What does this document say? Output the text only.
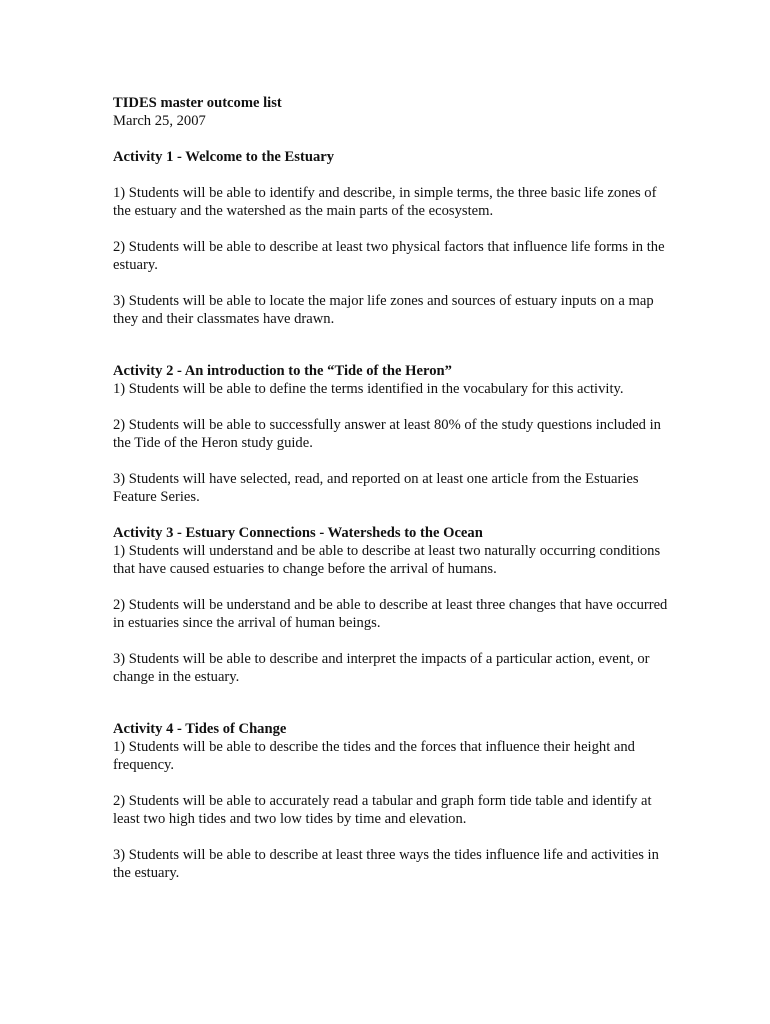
TIDES master outcome list

March 25, 2007

Activity 1 - Welcome to the Estuary

1) Students will be able to identify and describe, in simple terms, the three basic life zones of the estuary and the watershed as the main parts of the ecosystem.

2) Students will be able to describe at least two physical factors that influence life forms in the estuary.

3) Students will be able to locate the major life zones and sources of estuary inputs on a map they and their classmates have drawn.

Activity 2 - An introduction to the “Tide of the Heron”

1) Students will be able to define the terms identified in the vocabulary for this activity.

2) Students will be able to successfully answer at least 80% of the study questions included in the Tide of the Heron study guide.

3) Students will have selected, read, and reported on at least one article from the Estuaries Feature Series.

Activity 3 - Estuary Connections - Watersheds to the Ocean

1) Students will understand and be able to describe at least two naturally occurring conditions that have caused estuaries to change before the arrival of humans.

2) Students will be understand and be able to describe at least three changes that have occurred in estuaries since the arrival of human beings.

3) Students will be able to describe and interpret the impacts of a particular action, event, or change in the estuary.

Activity 4 - Tides of Change

1) Students will be able to describe the tides and the forces that influence their height and frequency.

2) Students will be able to accurately read a tabular and graph form tide table and identify at least two high tides and two low tides by time and elevation.

3) Students will be able to describe at least three ways the tides influence life and activities in the estuary.
